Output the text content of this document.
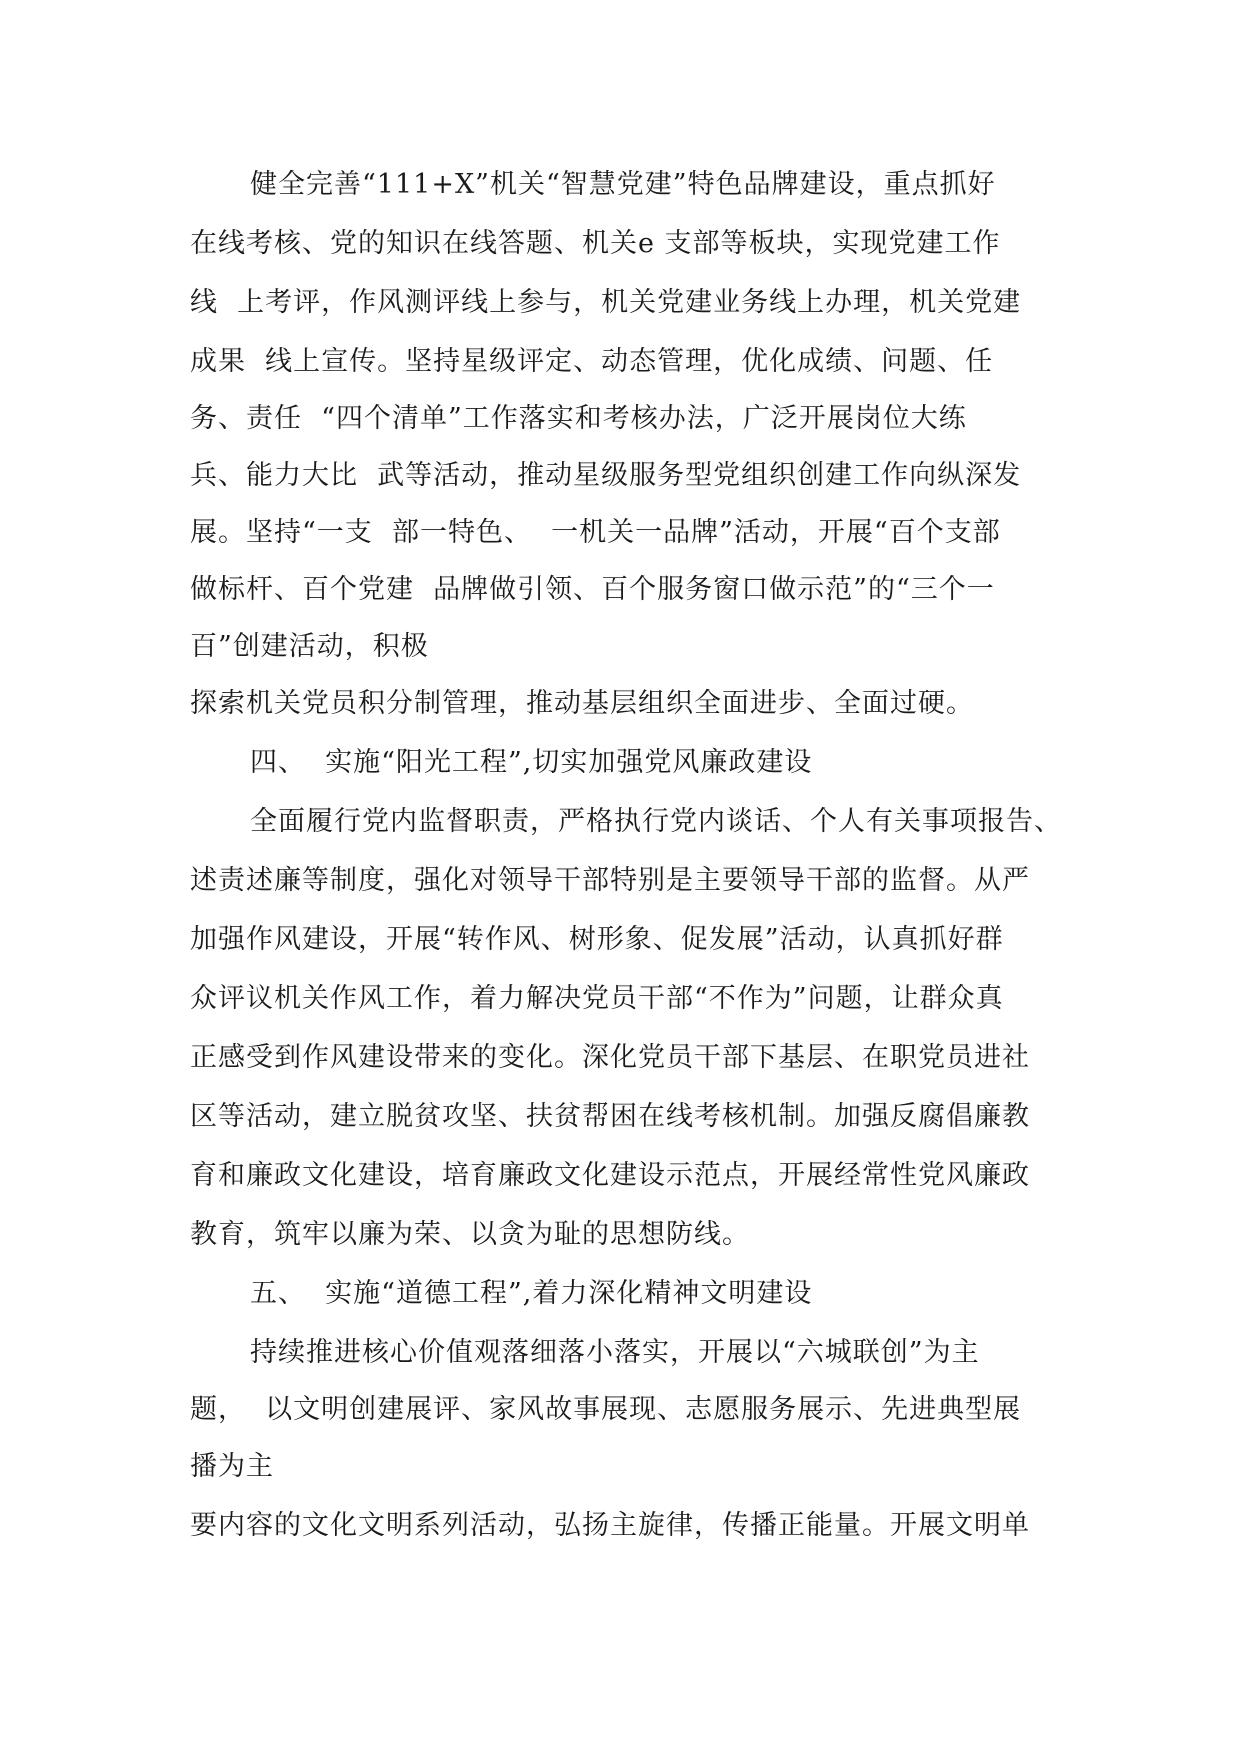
健全完善“111+X”机关“智慧党建”特色品牌建设，重点抓好
在线考核、党的知识在线答题、机关e 支部等板块，实现党建工作
线  上考评，作风测评线上参与，机关党建业务线上办理，机关党建
成果  线上宣传。坚持星级评定、动态管理，优化成绩、问题、任
务、责任  “四个清单”工作落实和考核办法，广泛开展岗位大练
兵、能力大比  武等活动，推动星级服务型党组织创建工作向纵深发
展。坚持“一支  部一特色、  一机关一品牌”活动，开展“百个支部
做标杆、百个党建  品牌做引领、百个服务窗口做示范”的“三个一
百”创建活动，积极
探索机关党员积分制管理，推动基层组织全面进步、全面过硬。
四、  实施“阳光工程”,切实加强党风廉政建设
全面履行党内监督职责，严格执行党内谈话、个人有关事项报告、
述责述廉等制度，强化对领导干部特别是主要领导干部的监督。从严
加强作风建设，开展“转作风、树形象、促发展”活动，认真抓好群
众评议机关作风工作，着力解决党员干部“不作为”问题，让群众真
正感受到作风建设带来的变化。深化党员干部下基层、在职党员进社
区等活动，建立脱贫攻坚、扶贫帮困在线考核机制。加强反腐倡廉教
育和廉政文化建设，培育廉政文化建设示范点，开展经常性党风廉政
教育，筑牢以廉为荣、以贪为耻的思想防线。
五、  实施“道德工程”,着力深化精神文明建设
持续推进核心价值观落细落小落实，开展以“六城联创”为主
题，  以文明创建展评、家风故事展现、志愿服务展示、先进典型展
播为主
要内容的文化文明系列活动，弘扬主旋律，传播正能量。开展文明单
